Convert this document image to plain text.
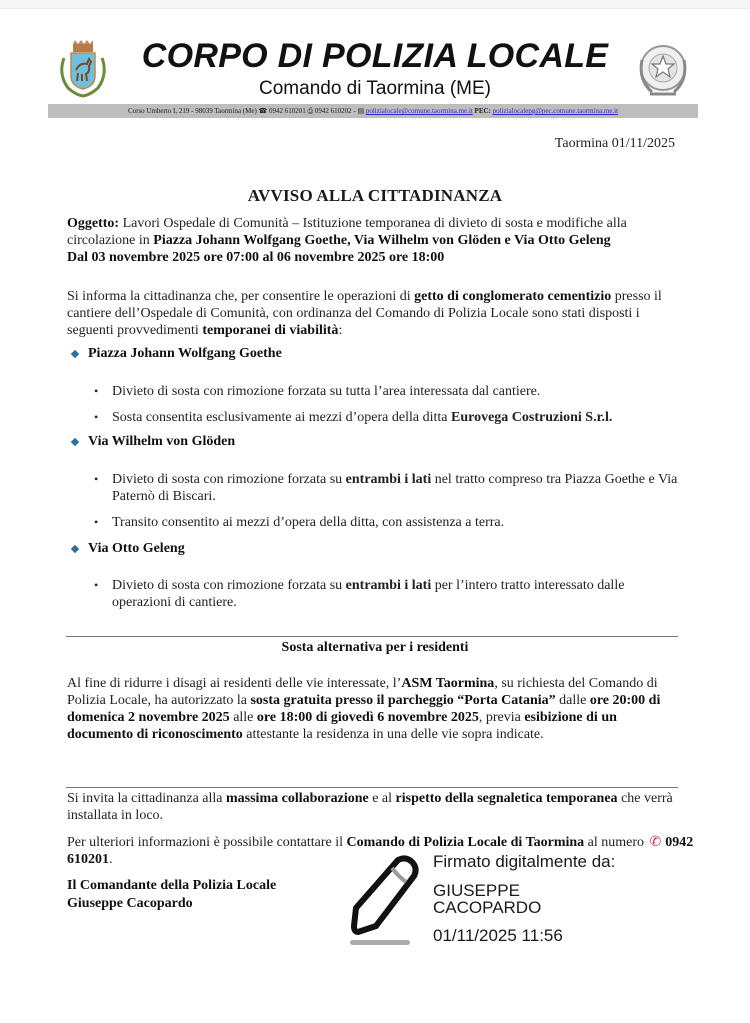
CORPO DI POLIZIA LOCALE
Comando di Taormina (ME)
Corso Umberto I, 219 - 98039 Taormina (Me) ☎ 0942 610201 ⎙ 0942 610202 - ▤ polizialocale@comune.taormina.me.it PEC: polizialocalepg@pec.comune.taormina.me.it
Taormina 01/11/2025
AVVISO ALLA CITTADINANZA
Oggetto: Lavori Ospedale di Comunità – Istituzione temporanea di divieto di sosta e modifiche alla circolazione in Piazza Johann Wolfgang Goethe, Via Wilhelm von Glöden e Via Otto Geleng
Dal 03 novembre 2025 ore 07:00 al 06 novembre 2025 ore 18:00
Si informa la cittadinanza che, per consentire le operazioni di getto di conglomerato cementizio presso il cantiere dell’Ospedale di Comunità, con ordinanza del Comando di Polizia Locale sono stati disposti i seguenti provvedimenti temporanei di viabilità:
Piazza Johann Wolfgang Goethe
• Divieto di sosta con rimozione forzata su tutta l’area interessata dal cantiere.
• Sosta consentita esclusivamente ai mezzi d’opera della ditta Eurovega Costruzioni S.r.l.
Via Wilhelm von Glöden
• Divieto di sosta con rimozione forzata su entrambi i lati nel tratto compreso tra Piazza Goethe e Via Paternò di Biscari.
• Transito consentito ai mezzi d’opera della ditta, con assistenza a terra.
Via Otto Geleng
• Divieto di sosta con rimozione forzata su entrambi i lati per l’intero tratto interessato dalle operazioni di cantiere.
Sosta alternativa per i residenti
Al fine di ridurre i disagi ai residenti delle vie interessate, l’ASM Taormina, su richiesta del Comando di Polizia Locale, ha autorizzato la sosta gratuita presso il parcheggio “Porta Catania” dalle ore 20:00 di domenica 2 novembre 2025 alle ore 18:00 di giovedì 6 novembre 2025, previa esibizione di un documento di riconoscimento attestante la residenza in una delle vie sopra indicate.
Si invita la cittadinanza alla massima collaborazione e al rispetto della segnaletica temporanea che verrà installata in loco.
Per ulteriori informazioni è possibile contattare il Comando di Polizia Locale di Taormina al numero ✆ 0942 610201.
Il Comandante della Polizia Locale
Giuseppe Cacopardo
Firmato digitalmente da:
GIUSEPPE
CACOPARDO
01/11/2025 11:56
